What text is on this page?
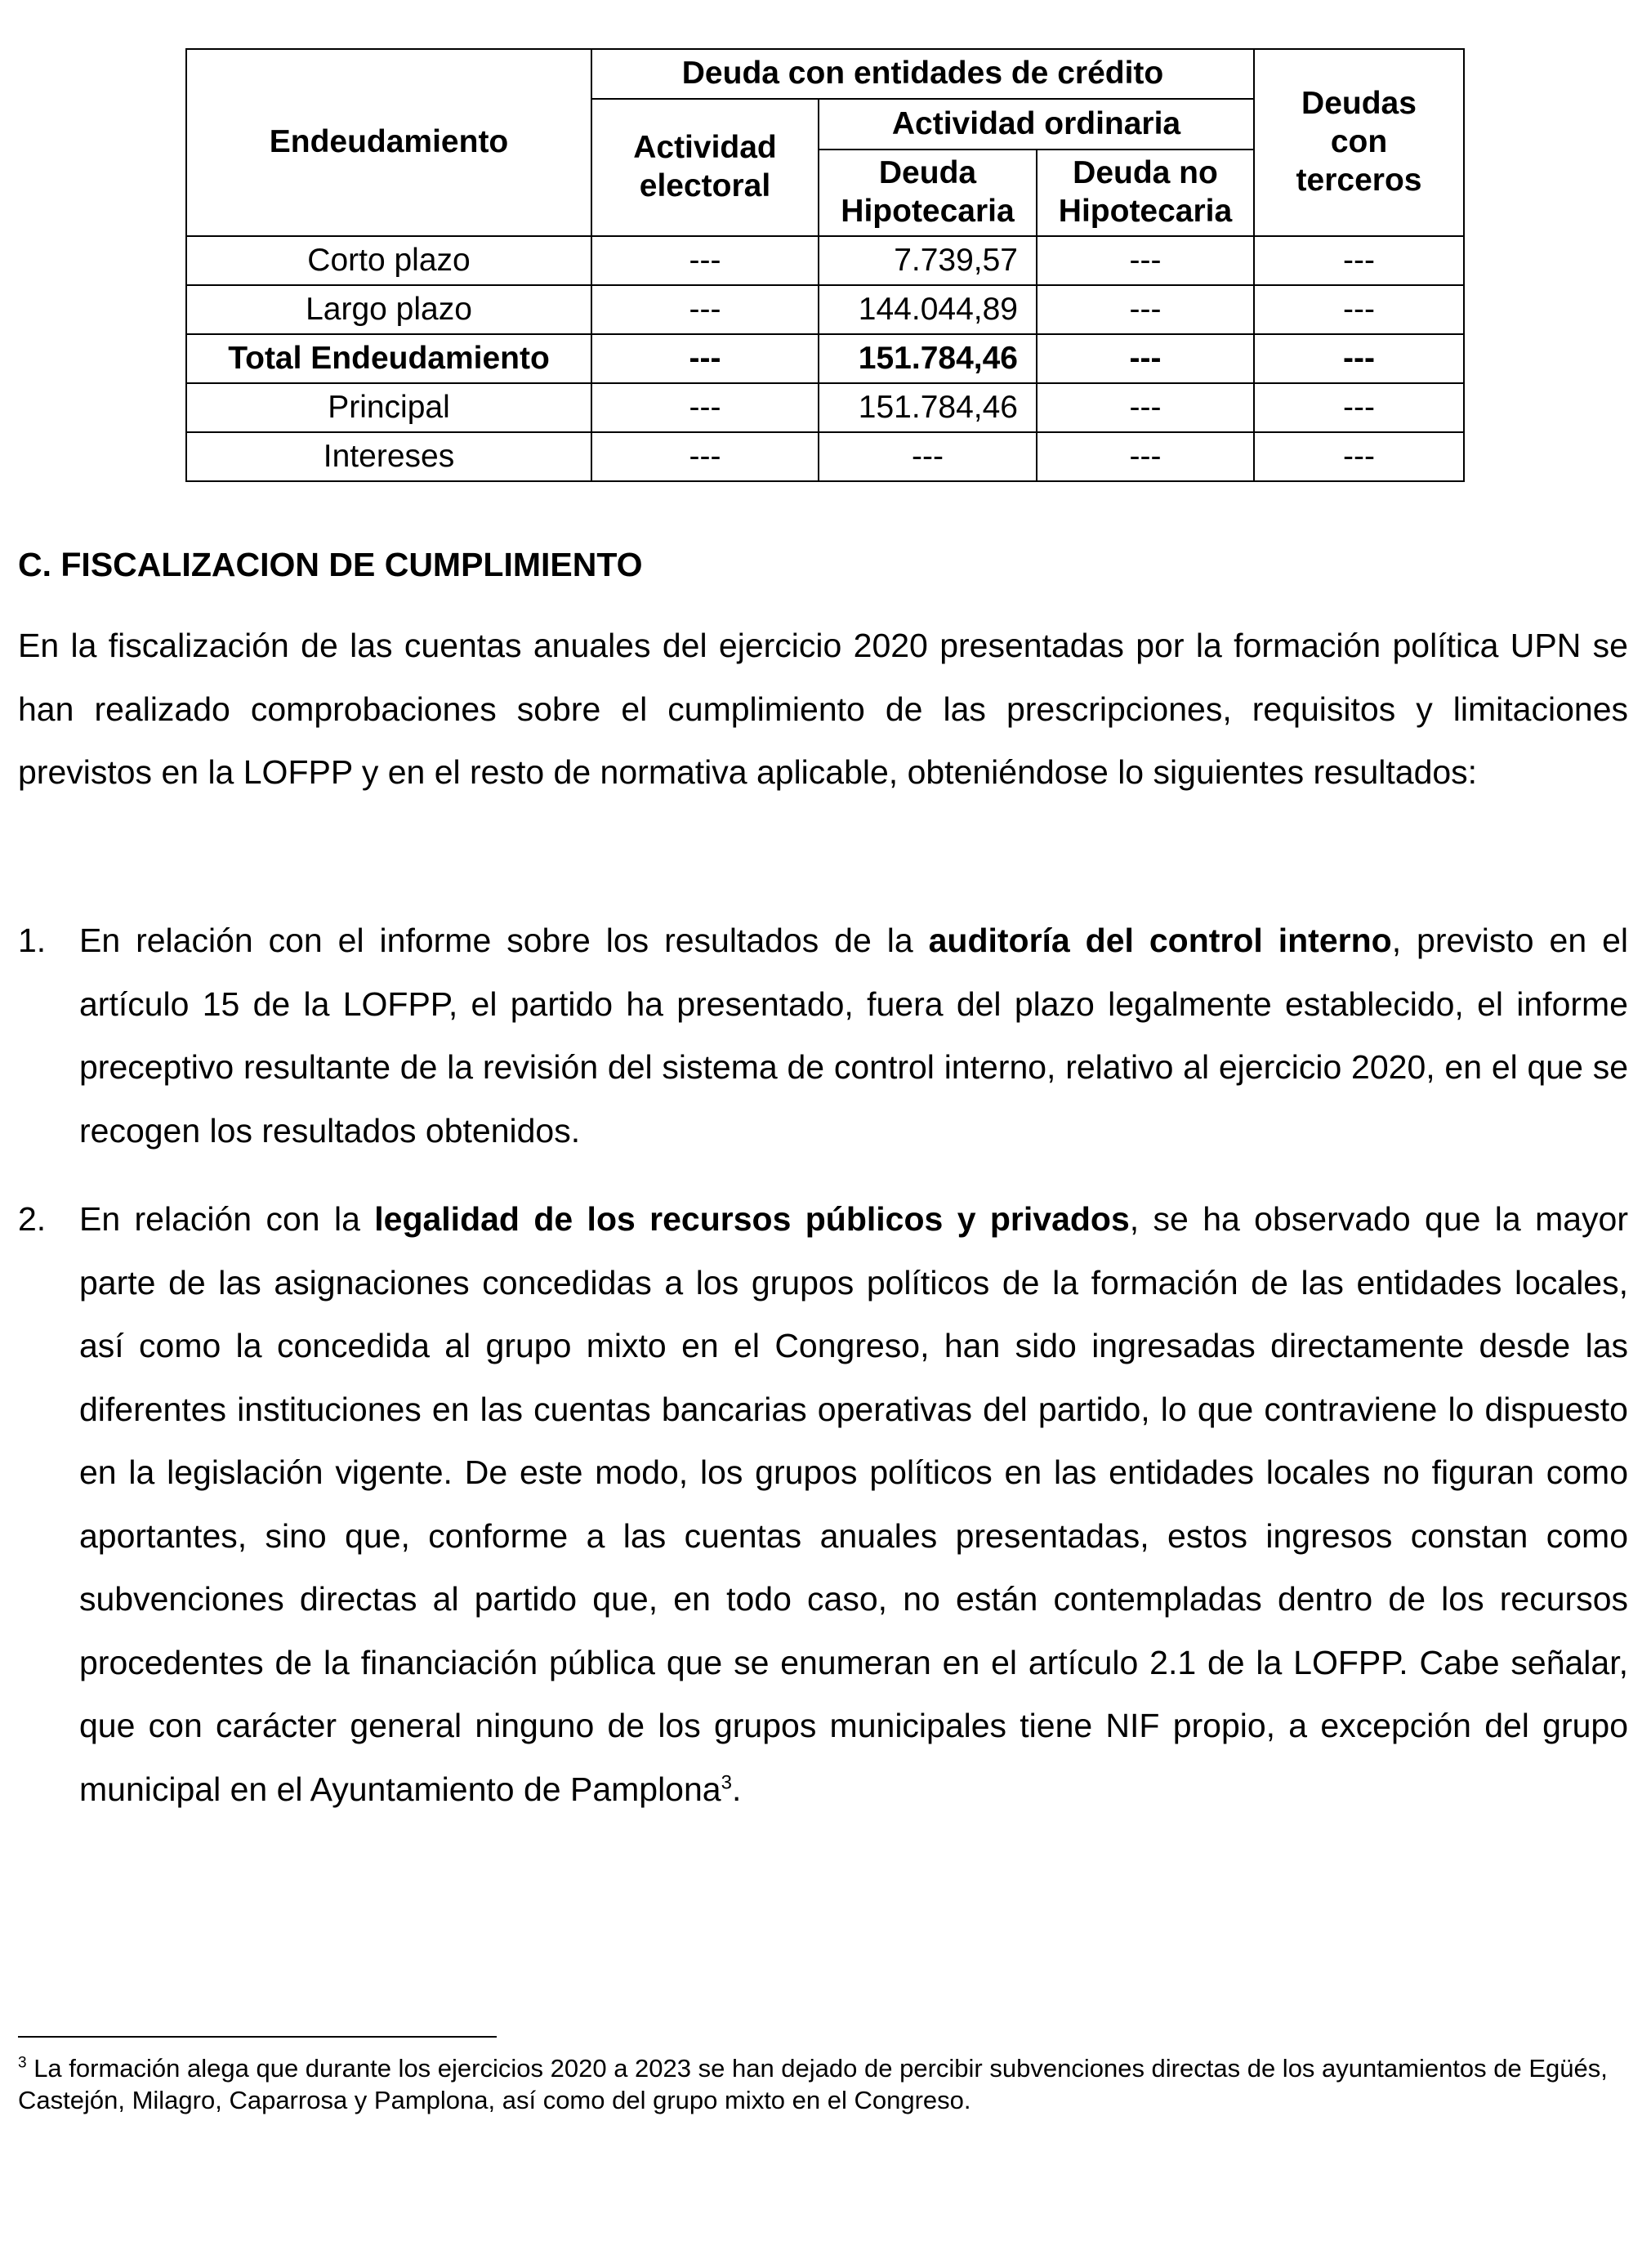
Endeudamiento	Deuda con entidades de crédito			Deudas con terceros
	Actividad electoral	Actividad ordinaria		
		Deuda Hipotecaria	Deuda no Hipotecaria	
Corto plazo	---	7.739,57	---	---
Largo plazo	---	144.044,89	---	---
Total Endeudamiento	---	151.784,46	---	---
Principal	---	151.784,46	---	---
Intereses	---	---	---	---
C. FISCALIZACION DE CUMPLIMIENTO

En la fiscalización de las cuentas anuales del ejercicio 2020 presentadas por la formación política UPN se han realizado comprobaciones sobre el cumplimiento de las prescripciones, requisitos y limitaciones previstos en la LOFPP y en el resto de normativa aplicable, obteniéndose lo siguientes resultados:

1. En relación con el informe sobre los resultados de la auditoría del control interno, previsto en el artículo 15 de la LOFPP, el partido ha presentado, fuera del plazo legalmente establecido, el informe preceptivo resultante de la revisión del sistema de control interno, relativo al ejercicio 2020, en el que se recogen los resultados obtenidos.
2. En relación con la legalidad de los recursos públicos y privados, se ha observado que la mayor parte de las asignaciones concedidas a los grupos políticos de la formación de las entidades locales, así como la concedida al grupo mixto en el Congreso, han sido ingresadas directamente desde las diferentes instituciones en las cuentas bancarias operativas del partido, lo que contraviene lo dispuesto en la legislación vigente. De este modo, los grupos políticos en las entidades locales no figuran como aportantes, sino que, conforme a las cuentas anuales presentadas, estos ingresos constan como subvenciones directas al partido que, en todo caso, no están contempladas dentro de los recursos procedentes de la financiación pública que se enumeran en el artículo 2.1 de la LOFPP. Cabe señalar, que con carácter general ninguno de los grupos municipales tiene NIF propio, a excepción del grupo municipal en el Ayuntamiento de Pamplona$^3$.

$^3$ La formación alega que durante los ejercicios 2020 a 2023 se han dejado de percibir subvenciones directas de los ayuntamientos de Egüés, Castejón, Milagro, Caparrosa y Pamplona, así como del grupo mixto en el Congreso.
